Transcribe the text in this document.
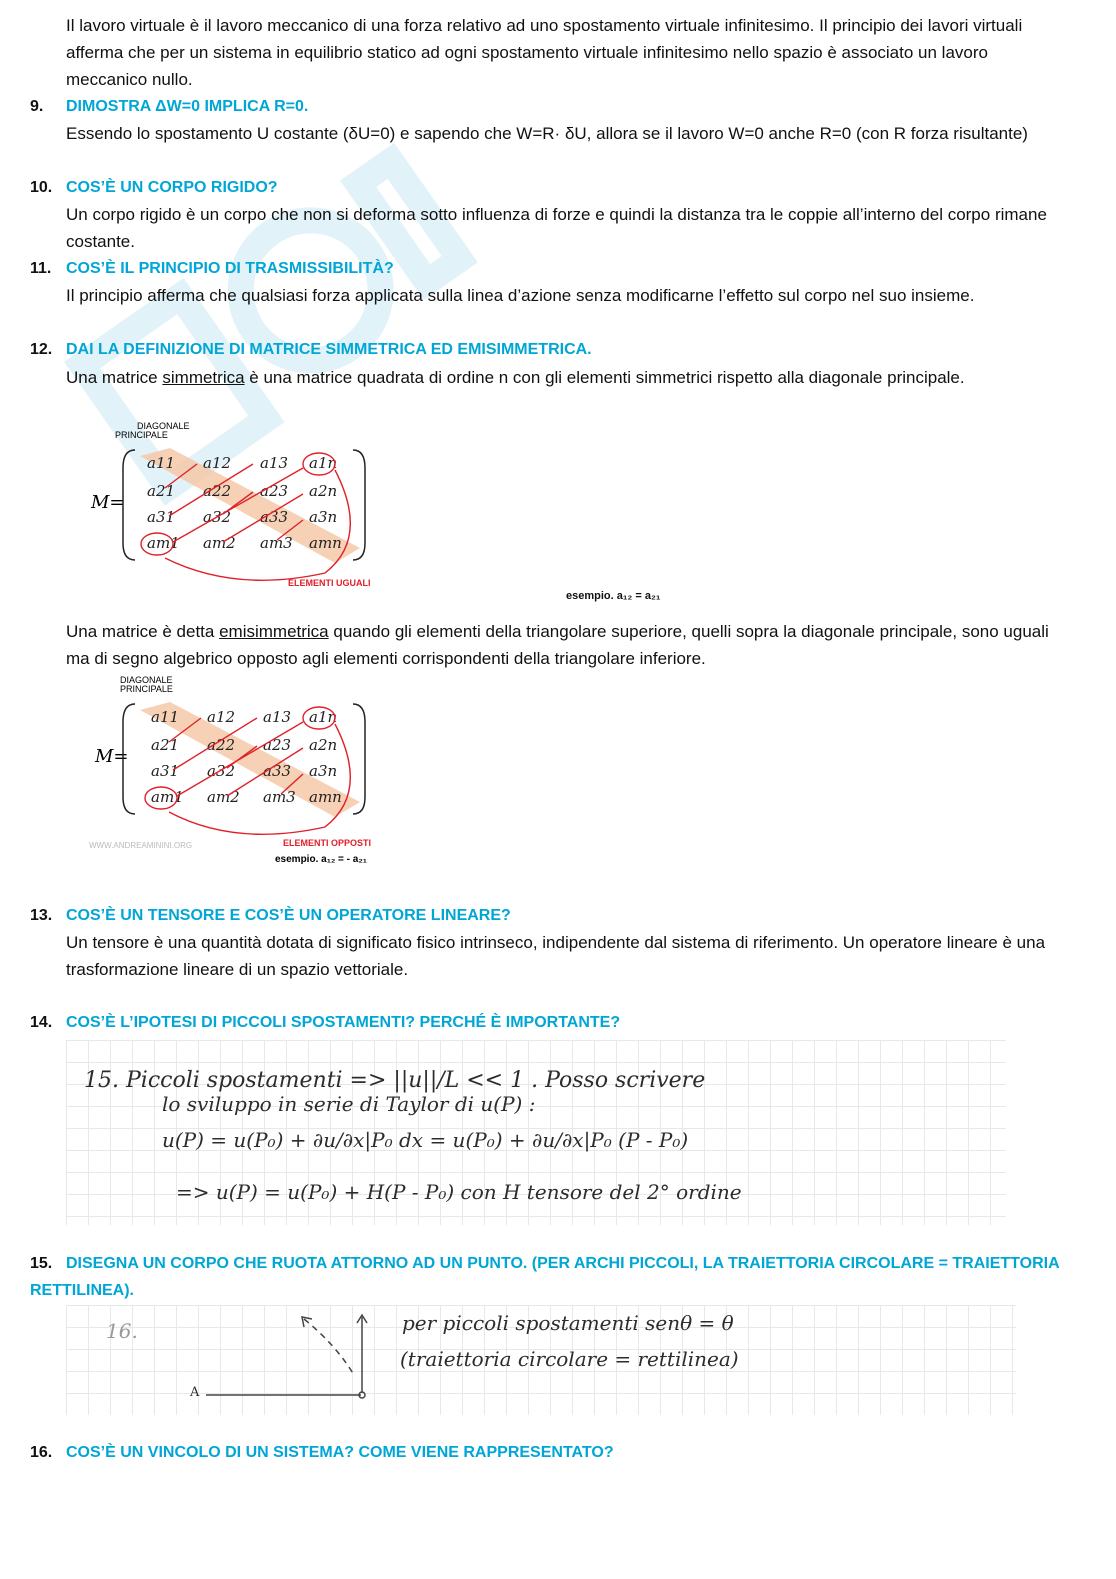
Il lavoro virtuale è il lavoro meccanico di una forza relativo ad uno spostamento virtuale infinitesimo. Il principio dei lavori virtuali afferma che per un sistema in equilibrio statico ad ogni spostamento virtuale infinitesimo nello spazio è associato un lavoro meccanico nullo.
9. DIMOSTRA ΔW=0 IMPLICA R=0.
Essendo lo spostamento U costante (δU=0) e sapendo che W=R· δU, allora se il lavoro W=0 anche R=0 (con R forza risultante)
10. COS’È UN CORPO RIGIDO?
Un corpo rigido è un corpo che non si deforma sotto influenza di forze e quindi la distanza tra le coppie all’interno del corpo rimane costante.
11. COS’È IL PRINCIPIO DI TRASMISSIBILITÀ?
Il principio afferma che qualsiasi forza applicata sulla linea d’azione senza modificarne l’effetto sul corpo nel suo insieme.
12. DAI LA DEFINIZIONE DI MATRICE SIMMETRICA ED EMISIMMETRICA.
Una matrice simmetrica è una matrice quadrata di ordine n con gli elementi simmetrici rispetto alla diagonale principale.
DIAGONALE
PRINCIPALE
M=
a11 a12 a13 a1n
a21 a22 a23 a2n
a31 a32 a33 a3n
am1 am2 am3 amn
ELEMENTI UGUALI
esempio. a₁₂ = a₂₁
Una matrice è detta emisimmetrica quando gli elementi della triangolare superiore, quelli sopra la diagonale principale, sono uguali ma di segno algebrico opposto agli elementi corrispondenti della triangolare inferiore.
DIAGONALE
PRINCIPALE
M=
a11 a12 a13 a1n
a21 a22 a23 a2n
a31 a32 a33 a3n
am1 am2 am3 amn
WWW.ANDREAMININI.ORG	ELEMENTI OPPOSTI
esempio. a₁₂ = - a₂₁
13. COS’È UN TENSORE E COS’È UN OPERATORE LINEARE?
Un tensore è una quantità dotata di significato fisico intrinseco, indipendente dal sistema di riferimento. Un operatore lineare è una trasformazione lineare di un spazio vettoriale.
14. COS’È L’IPOTESI DI PICCOLI SPOSTAMENTI? PERCHÉ È IMPORTANTE?
15. Piccoli spostamenti => ||u||/L << 1 . Posso scrivere
lo sviluppo in serie di Taylor di u(P) :
u(P) = u(P₀) + ∂u/∂x|P₀ dx = u(P₀) + ∂u/∂x|P₀ (P - P₀)
=> u(P) = u(P₀) + H(P - P₀) con H tensore del 2° ordine
15. DISEGNA UN CORPO CHE RUOTA ATTORNO AD UN PUNTO. (PER ARCHI PICCOLI, LA TRAIETTORIA CIRCOLARE = TRAIETTORIA RETTILINEA).
16.
A
per piccoli spostamenti senθ = θ
(traiettoria circolare = rettilinea)
16. COS’È UN VINCOLO DI UN SISTEMA? COME VIENE RAPPRESENTATO?
